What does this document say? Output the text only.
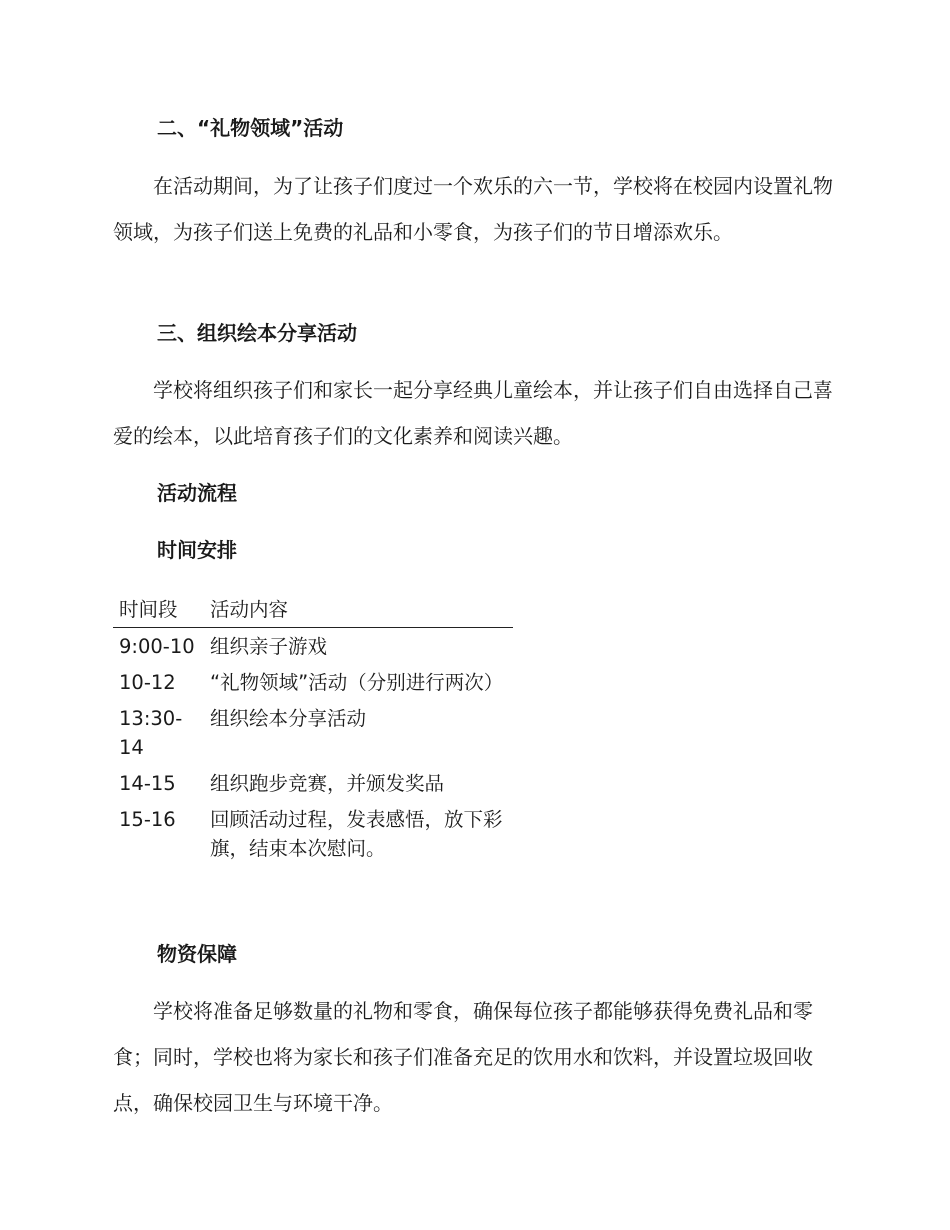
二、“礼物领域”活动

在活动期间，为了让孩子们度过一个欢乐的六一节，学校将在校园内设置礼物领域，为孩子们送上免费的礼品和小零食，为孩子们的节日增添欢乐。

三、组织绘本分享活动

学校将组织孩子们和家长一起分享经典儿童绘本，并让孩子们自由选择自己喜爱的绘本，以此培育孩子们的文化素养和阅读兴趣。

活动流程
时间安排
时间段	活动内容
9:00-10	组织亲子游戏
10-12	“礼物领域”活动（分别进行两次）
13:30-14	组织绘本分享活动
14-15	组织跑步竞赛，并颁发奖品
15-16	回顾活动过程，发表感悟，放下彩旗，结束本次慰问。
物资保障

学校将准备足够数量的礼物和零食，确保每位孩子都能够获得免费礼品和零食；同时，学校也将为家长和孩子们准备充足的饮用水和饮料，并设置垃圾回收点，确保校园卫生与环境干净。
